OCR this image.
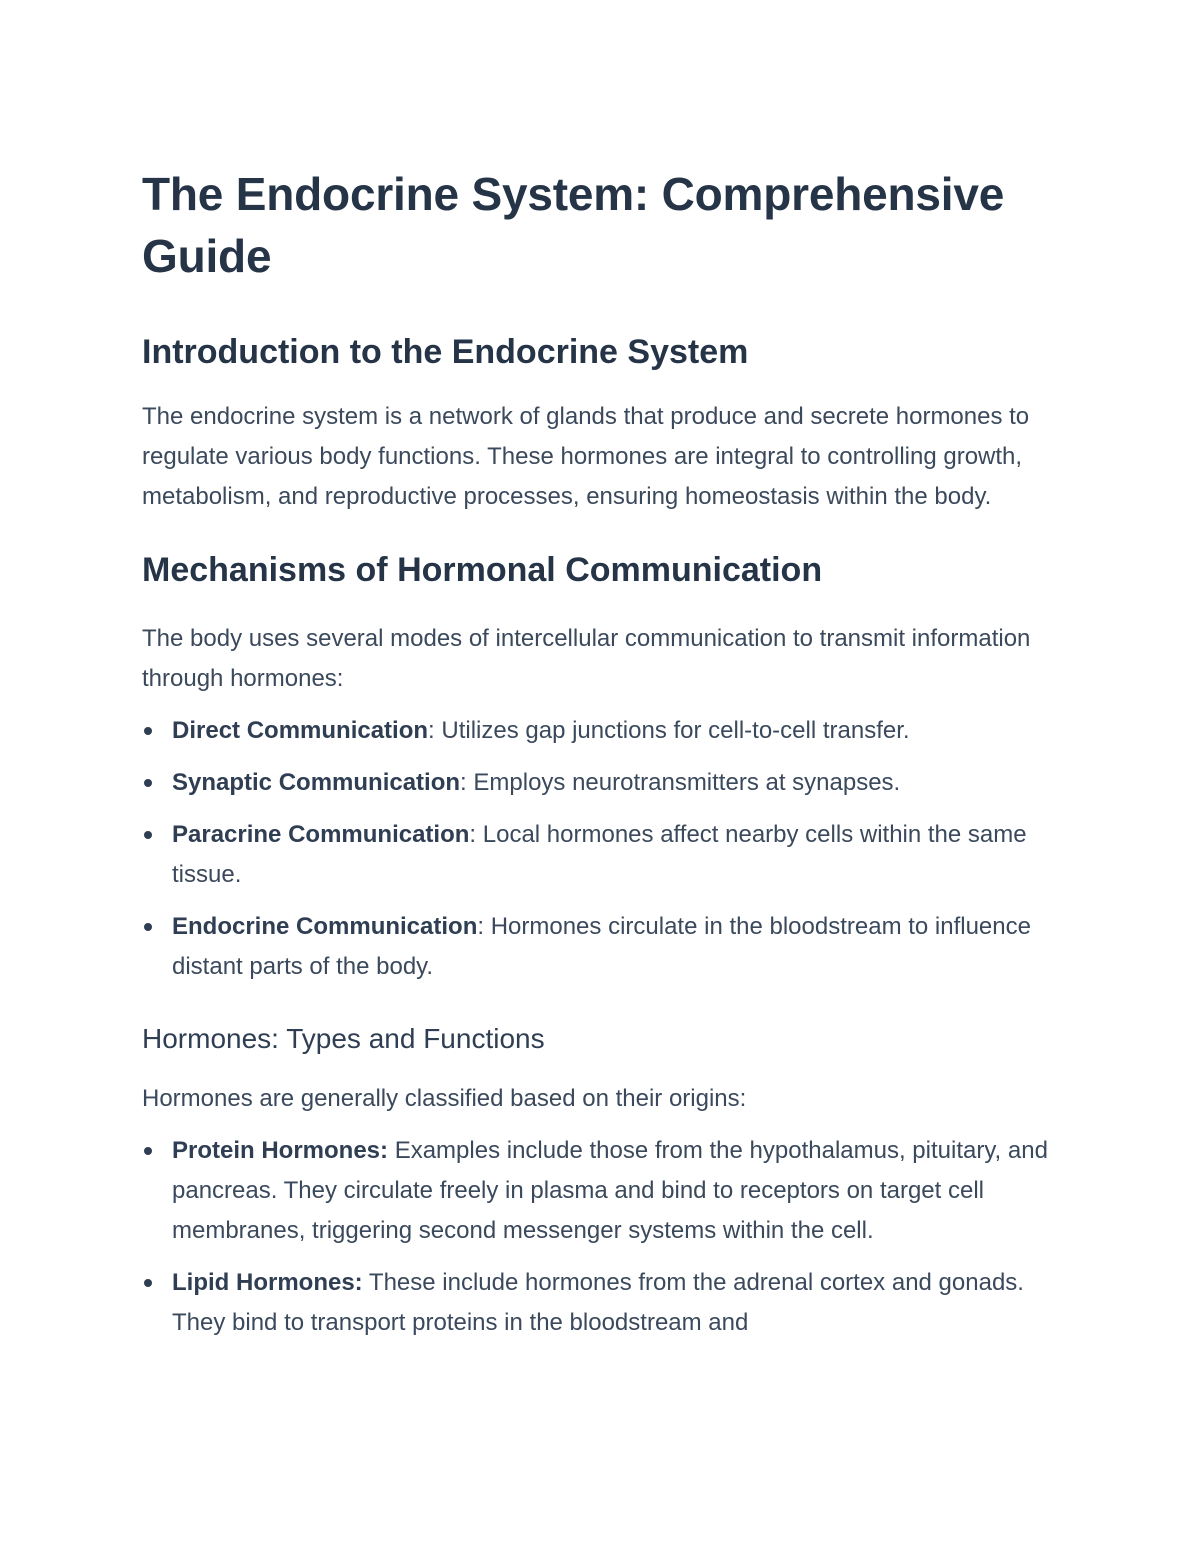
The Endocrine System: Comprehensive Guide
Introduction to the Endocrine System

The endocrine system is a network of glands that produce and secrete hormones to regulate various body functions. These hormones are integral to controlling growth, metabolism, and reproductive processes, ensuring homeostasis within the body.

Mechanisms of Hormonal Communication

The body uses several modes of intercellular communication to transmit information through hormones:

Direct Communication: Utilizes gap junctions for cell-to-cell transfer.
Synaptic Communication: Employs neurotransmitters at synapses.
Paracrine Communication: Local hormones affect nearby cells within the same tissue.
Endocrine Communication: Hormones circulate in the bloodstream to influence distant parts of the body.
Hormones: Types and Functions

Hormones are generally classified based on their origins:

Protein Hormones: Examples include those from the hypothalamus, pituitary, and pancreas. They circulate freely in plasma and bind to receptors on target cell membranes, triggering second messenger systems within the cell.
Lipid Hormones: These include hormones from the adrenal cortex and gonads. They bind to transport proteins in the bloodstream and
